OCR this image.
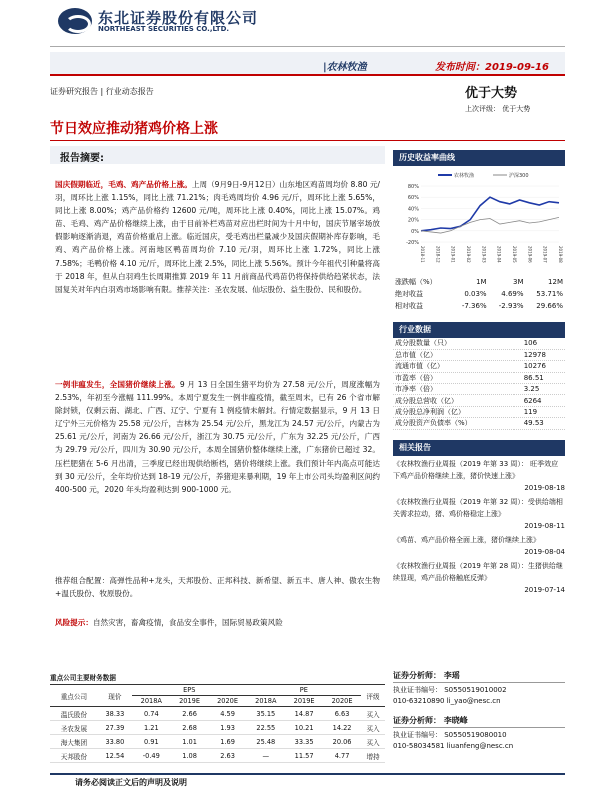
东北证券股份有限公司
NORTHEAST SECURITIES CO.,LTD.
|农林牧渔	发布时间：2019-09-16
证券研究报告 | 行业动态报告	优于大势
上次评级： 优于大势
节日效应推动猪鸡价格上涨
报告摘要:
国庆假期临近，毛鸡、鸡产品价格上涨。上周（9月9日-9月12日）山东地区鸡苗周均价 8.80 元/羽，周环比上涨 1.15%，同比上涨 71.21%；肉毛鸡周均价 4.96 元/斤，周环比上涨 5.65%，同比上涨 8.00%；鸡产品价格约 12600 元/吨，周环比上涨 0.40%，同比上涨 15.07%。鸡苗、毛鸡、鸡产品价格继续上涨，由于目前补栏鸡苗对应出栏时间为十月中旬，国庆节屠宰场放假影响逐渐消退，鸡苗价格重启上涨。临近国庆，受毛鸡出栏量减少及国庆假期补库存影响，毛鸡、鸡产品价格上涨。河南地区鸭苗周均价 7.10 元/羽，周环比上涨 1.72%，同比上涨 7.58%；毛鸭价格 4.10 元/斤，周环比上涨 2.5%，同比上涨 5.56%。预计今年祖代引种量将高于 2018 年，但从白羽鸡生长周期推算 2019 年 11 月前商品代鸡苗仍将保持供给趋紧状态，法国复关对年内白羽鸡市场影响有限。推荐关注：圣农发展、仙坛股份、益生股份、民和股份。
一例非瘟发生，全国猪价继续上涨。9 月 13 日全国生猪平均价为 27.58 元/公斤，周度涨幅为 2.53%，年初至今涨幅 111.99%。本周宁夏发生一例非瘟疫情，截至周末，已有 26 个省市解除封锁，仅剩云南、湖北、广西、辽宁、宁夏有 1 例疫情未解封。行情定数据显示，9 月 13 日辽宁外三元价格为 25.58 元/公斤，吉林为 25.54 元/公斤，黑龙江为 24.57 元/公斤，内蒙古为 25.61 元/公斤，河南为 26.66 元/公斤，浙江为 30.75 元/公斤，广东为 32.25 元/公斤，广西为 29.79 元/公斤，四川为 30.90 元/公斤，本周全国猪价整体继续上涨，广东猪价已超过 32。压栏肥猪在 5-6 月出清，三季度已经出现供给断档，猪价将继续上涨。我们预计年内高点可能达到 30 元/公斤，全年均价达到 18-19 元/公斤，养猪迎来暴利期，19 年上市公司头均盈利区间约 400-500 元，2020 年头均盈利达到 900-1000 元。
推荐组合配置：高弹性品种+龙头，天邦股份、正邦科技、新希望、新五丰、唐人神、傲农生物+温氏股份、牧原股份。
风险提示：自然灾害，畜禽疫情，食品安全事件，国际贸易政策风险
历史收益率曲线
80%
60%
40%
20%
0%
-20%
2018-11	2018-12	2019-01	2019-02	2019-03	2019-04	2019-05	2019-06	2019-07	2019-08
农林牧渔	沪深300
涨跌幅（%）	1M	3M	12M
绝对收益	0.03%	4.69%	53.71%
相对收益	-7.36%	-2.93%	29.66%
行业数据
成分股数量（只）	106
总市值（亿）	12978
流通市值（亿）	10276
市盈率（倍）	86.51
市净率（倍）	3.25
成分股总营收（亿）	6264
成分股总净利润（亿）	119
成分股资产负债率（%）	49.53
相关报告
《农林牧渔行业周报（2019 年第 33 周）： 旺季效应下鸡产品价格继续上涨，猪价快速上涨》
2019-08-18
《农林牧渔行业周报（2019 年第 32 周）：受供给端相关需求拉动，猪、鸡价格稳定上涨》
2019-08-11
《鸡苗、鸡产品价格全面上涨，猪价继续上涨》
2019-08-04
《农林牧渔行业周报（2019 年第 28 周）：生猪供给继续显现，鸡产品价格触底反弹》
2019-07-14
证券分析师： 李瑶
执业证书编号： S0550519010002
010-63210890 li_yao@nesc.cn
证券分析师： 李晓峰
执业证书编号： S0550519080010
010-58034581 liuanfeng@nesc.cn
重点公司主要财务数据
重点公司	现价	EPS			PE			评级
		2018A	2019E	2020E	2018A	2019E	2020E	
温氏股份	38.33	0.74	2.66	4.59	35.15	14.87	6.63	买入
圣农发展	27.39	1.21	2.68	1.93	22.55	10.21	14.22	买入
海大集团	33.80	0.91	1.01	1.69	25.48	33.35	20.06	买入
天邦股份	12.54	-0.49	1.08	2.63	—	11.57	4.77	增持
请务必阅读正文后的声明及说明
